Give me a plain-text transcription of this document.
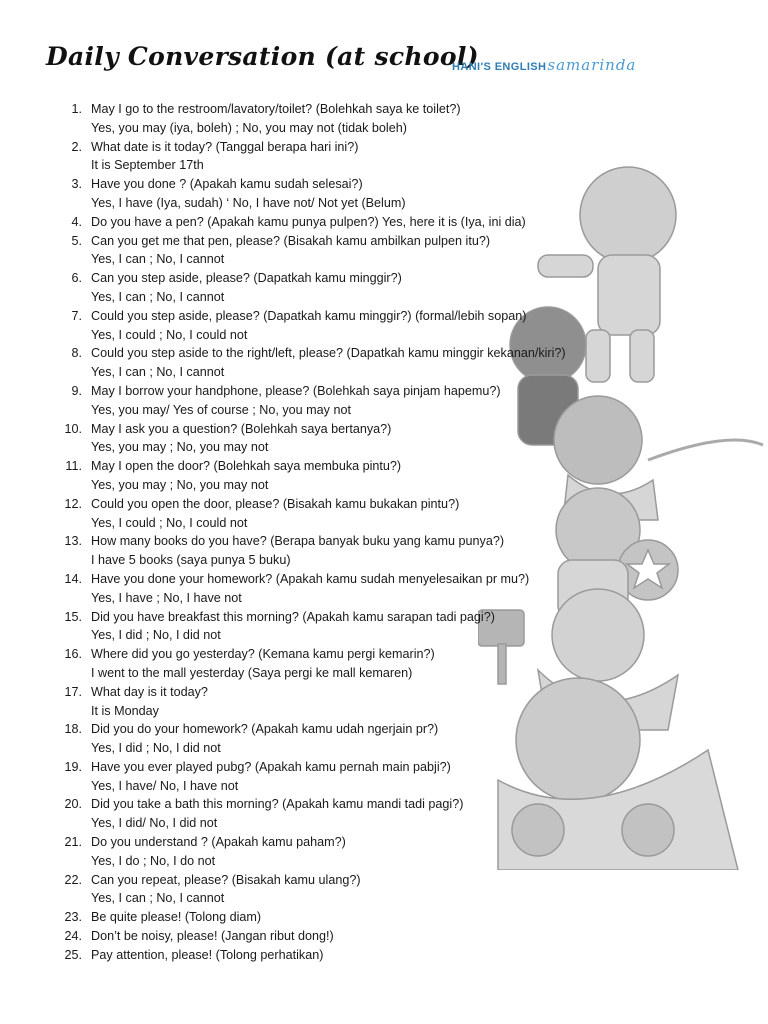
Daily Conversation (at school)
HANI'S ENGLISHsamarinda
1. May I go to the restroom/lavatory/toilet? (Bolehkah saya ke toilet?)
Yes, you may (iya, boleh) ; No, you may not (tidak boleh)
2. What date is it today? (Tanggal berapa hari ini?)
It is September 17th
3. Have you done ? (Apakah kamu sudah selesai?)
Yes, I have (Iya, sudah) ‘ No, I have not/ Not yet (Belum)
4. Do you have a pen? (Apakah kamu punya pulpen?) Yes, here it is (Iya, ini dia)
5. Can you get me that pen, please? (Bisakah kamu ambilkan pulpen itu?)
Yes, I can ; No, I cannot
6. Can you step aside, please? (Dapatkah kamu minggir?)
Yes, I can ; No, I cannot
7. Could you step aside, please? (Dapatkah kamu minggir?) (formal/lebih sopan)
Yes, I could ; No, I could not
8. Could you step aside to the right/left, please? (Dapatkah kamu minggir kekanan/kiri?)
Yes, I can ; No, I cannot
9. May I borrow your handphone, please? (Bolehkah saya pinjam hapemu?)
Yes, you may/ Yes of course ; No, you may not
10. May I ask you a question? (Bolehkah saya bertanya?)
Yes, you may ; No, you may not
11. May I open the door? (Bolehkah saya membuka pintu?)
Yes, you may ; No, you may not
12. Could you open the door, please? (Bisakah kamu bukakan pintu?)
Yes, I could ; No, I could not
13. How many books do you have? (Berapa banyak buku yang kamu punya?)
I have 5 books (saya punya 5 buku)
14. Have you done your homework? (Apakah kamu sudah menyelesaikan pr mu?)
Yes, I have ; No, I have not
15. Did you have breakfast this morning? (Apakah kamu sarapan tadi pagi?)
Yes, I did ; No, I did not
16. Where did you go yesterday? (Kemana kamu pergi kemarin?)
I went to the mall yesterday (Saya pergi ke mall kemaren)
17. What day is it today?
It is Monday
18. Did you do your homework? (Apakah kamu udah ngerjain pr?)
Yes, I did ; No, I did not
19. Have you ever played pubg? (Apakah kamu pernah main pabji?)
Yes, I have/ No, I have not
20. Did you take a bath this morning? (Apakah kamu mandi tadi pagi?)
Yes, I did/ No, I did not
21. Do you understand ? (Apakah kamu paham?)
Yes, I do ; No, I do not
22. Can you repeat, please? (Bisakah kamu ulang?)
Yes, I can ; No, I cannot
23. Be quite please! (Tolong diam)
24. Don’t be noisy, please! (Jangan ribut dong!)
25. Pay attention, please! (Tolong perhatikan)
